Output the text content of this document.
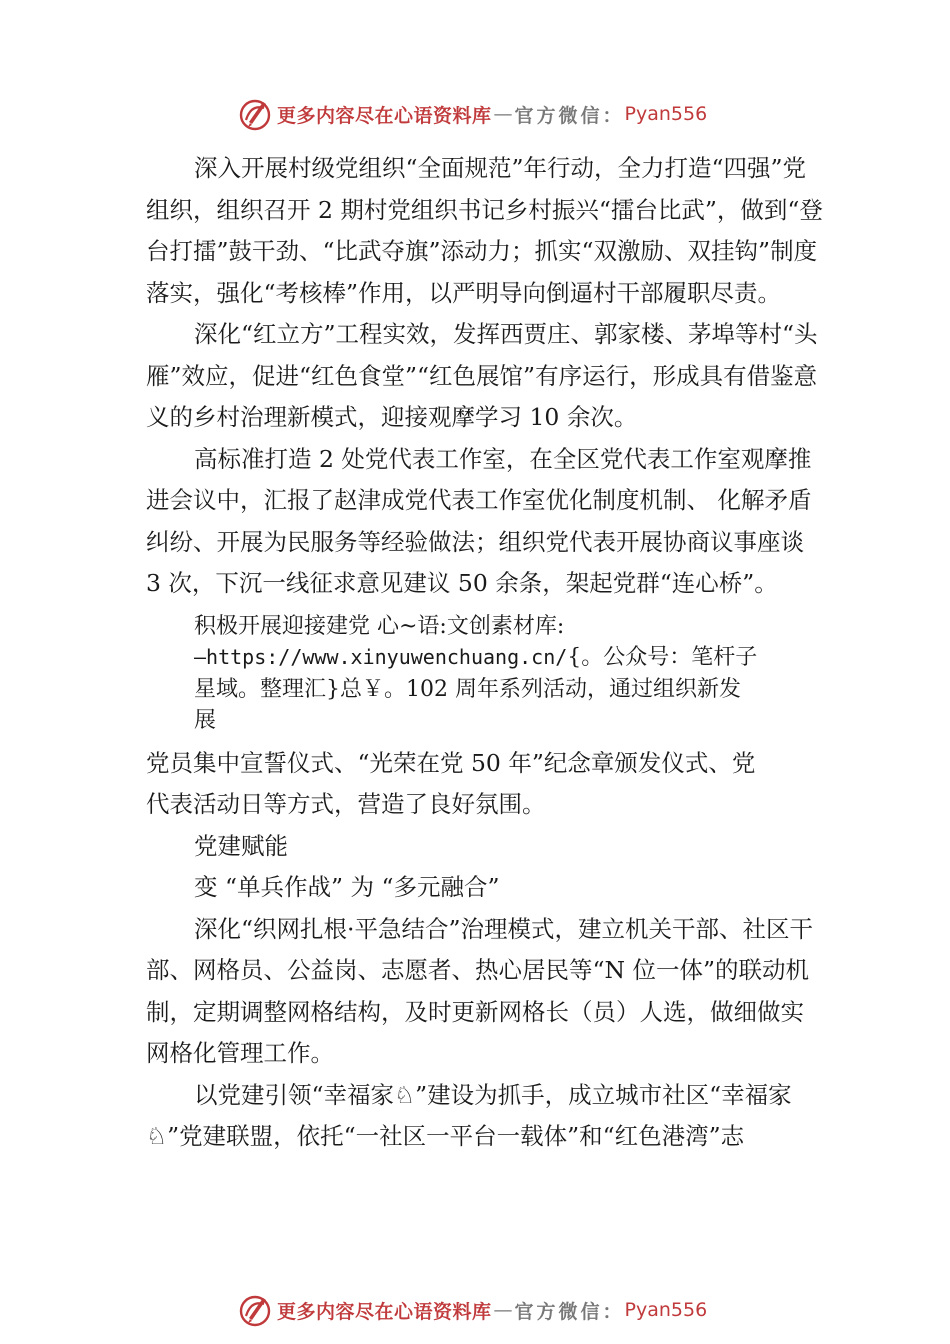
更多内容尽在心语资料库 — 官方微信： Pyan556

深入开展村级党组织“全面规范”年行动，全力打造“四强”党组织，组织召开 2 期村党组织书记乡村振兴“擂台比武”，做到“登台打擂”鼓干劲、“比武夺旗”添动力；抓实“双激励、双挂钩”制度落实，强化“考核棒”作用，以严明导向倒逼村干部履职尽责。

深化“红立方”工程实效，发挥西贾庄、郭家楼、茅埠等村“头雁”效应，促进“红色食堂”“红色展馆”有序运行，形成具有借鉴意义的乡村治理新模式，迎接观摩学习 10 余次。

高标准打造 2 处党代表工作室，在全区党代表工作室观摩推进会议中，汇报了赵津成党代表工作室优化制度机制、 化解矛盾纠纷、开展为民服务等经验做法；组织党代表开展协商议事座谈 3 次，下沉一线征求意见建议 50 余条，架起党群“连心桥”。

积极开展迎接建党 心~语:文创素材库:
—https://www.xinyuwenchuang.cn/{。公众号：笔杆子
星域。整理汇}总￥。102 周年系列活动，通过组织新发
展

党员集中宣誓仪式、“光荣在党 50 年”纪念章颁发仪式、党

代表活动日等方式，营造了良好氛围。

党建赋能

变 “单兵作战” 为 “多元融合”

深化“织网扎根·平急结合”治理模式，建立机关干部、社区干部、网格员、公益岗、志愿者、热心居民等“N 位一体”的联动机制，定期调整网格结构，及时更新网格长（员）人选，做细做实网格化管理工作。

以党建引领“幸福家♘”建设为抓手，成立城市社区“幸福家♘”党建联盟，依托“一社区一平台一载体”和“红色港湾”志

更多内容尽在心语资料库 — 官方微信： Pyan556
